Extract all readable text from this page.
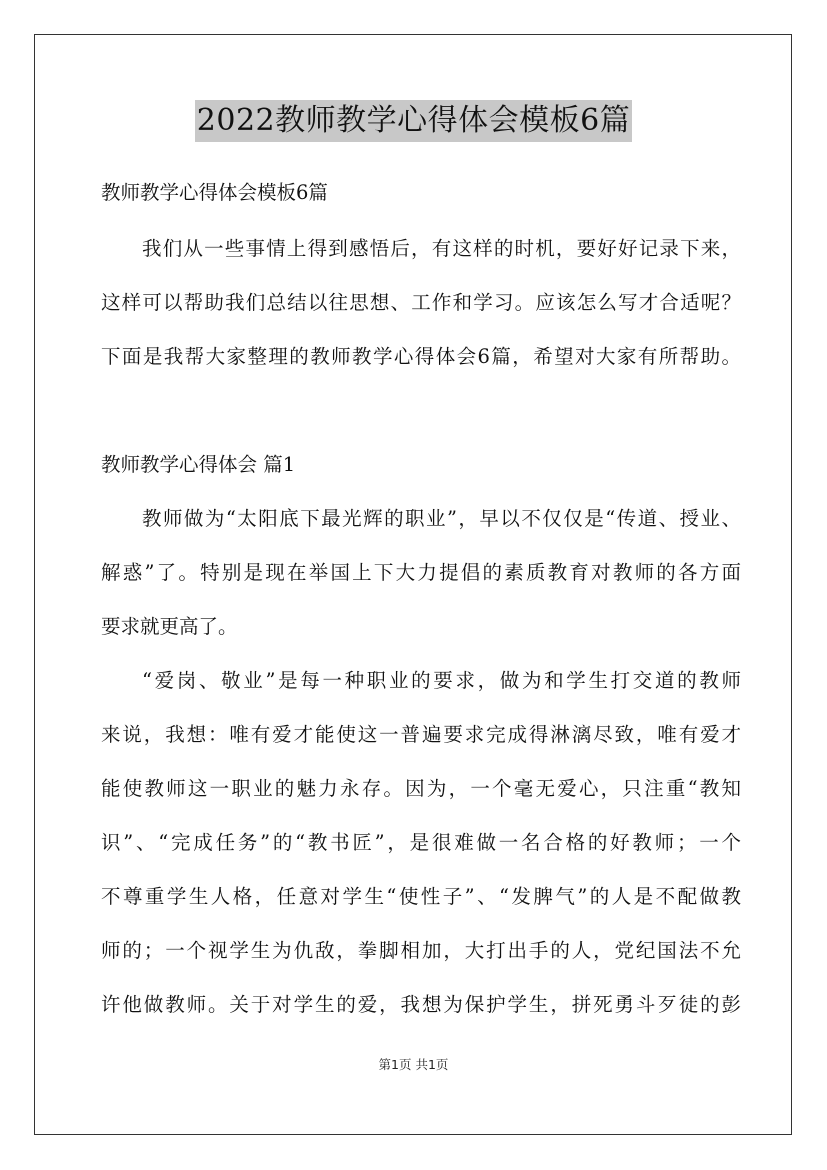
2022教师教学心得体会模板6篇
教师教学心得体会模板6篇
我们从一些事情上得到感悟后，有这样的时机，要好好记录下来，
这样可以帮助我们总结以往思想、工作和学习。应该怎么写才合适呢？
下面是我帮大家整理的教师教学心得体会6篇，希望对大家有所帮助。
教师教学心得体会 篇1
教师做为“太阳底下最光辉的职业”，早以不仅仅是“传道、授业、
解惑”了。特别是现在举国上下大力提倡的素质教育对教师的各方面
要求就更高了。
“爱岗、敬业”是每一种职业的要求，做为和学生打交道的教师
来说，我想：唯有爱才能使这一普遍要求完成得淋漓尽致，唯有爱才
能使教师这一职业的魅力永存。因为，一个毫无爱心，只注重“教知
识”、“完成任务”的“教书匠”，是很难做一名合格的好教师；一个
不尊重学生人格，任意对学生“使性子”、“发脾气”的人是不配做教
师的；一个视学生为仇敌，拳脚相加，大打出手的人，党纪国法不允
许他做教师。关于对学生的爱，我想为保护学生，拼死勇斗歹徒的彭
第1页 共1页
